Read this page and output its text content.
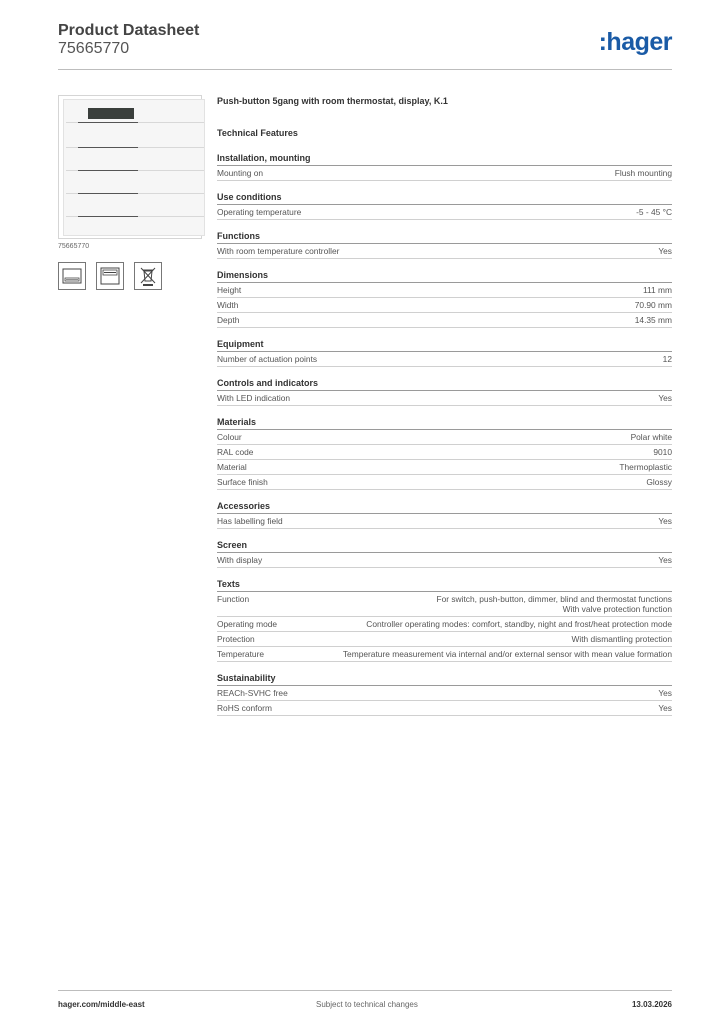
Product Datasheet
75665770	:hager
75665770
Push-button 5gang with room thermostat, display, K.1
Technical Features
Installation, mounting
Mounting on	Flush mounting
Use conditions
Operating temperature	-5 - 45 °C
Functions
With room temperature controller	Yes
Dimensions
Height	111 mm
Width	70.90 mm
Depth	14.35 mm
Equipment
Number of actuation points	12
Controls and indicators
With LED indication	Yes
Materials
Colour	Polar white
RAL code	9010
Material	Thermoplastic
Surface finish	Glossy
Accessories
Has labelling field	Yes
Screen
With display	Yes
Texts
Function	For switch, push-button, dimmer, blind and thermostat functions
With valve protection function
Operating mode	Controller operating modes: comfort, standby, night and frost/heat protection mode
Protection	With dismantling protection
Temperature	Temperature measurement via internal and/or external sensor with mean value formation
Sustainability
REACh-SVHC free	Yes
RoHS conform	Yes
hager.com/middle-east	Subject to technical changes	13.03.2026
